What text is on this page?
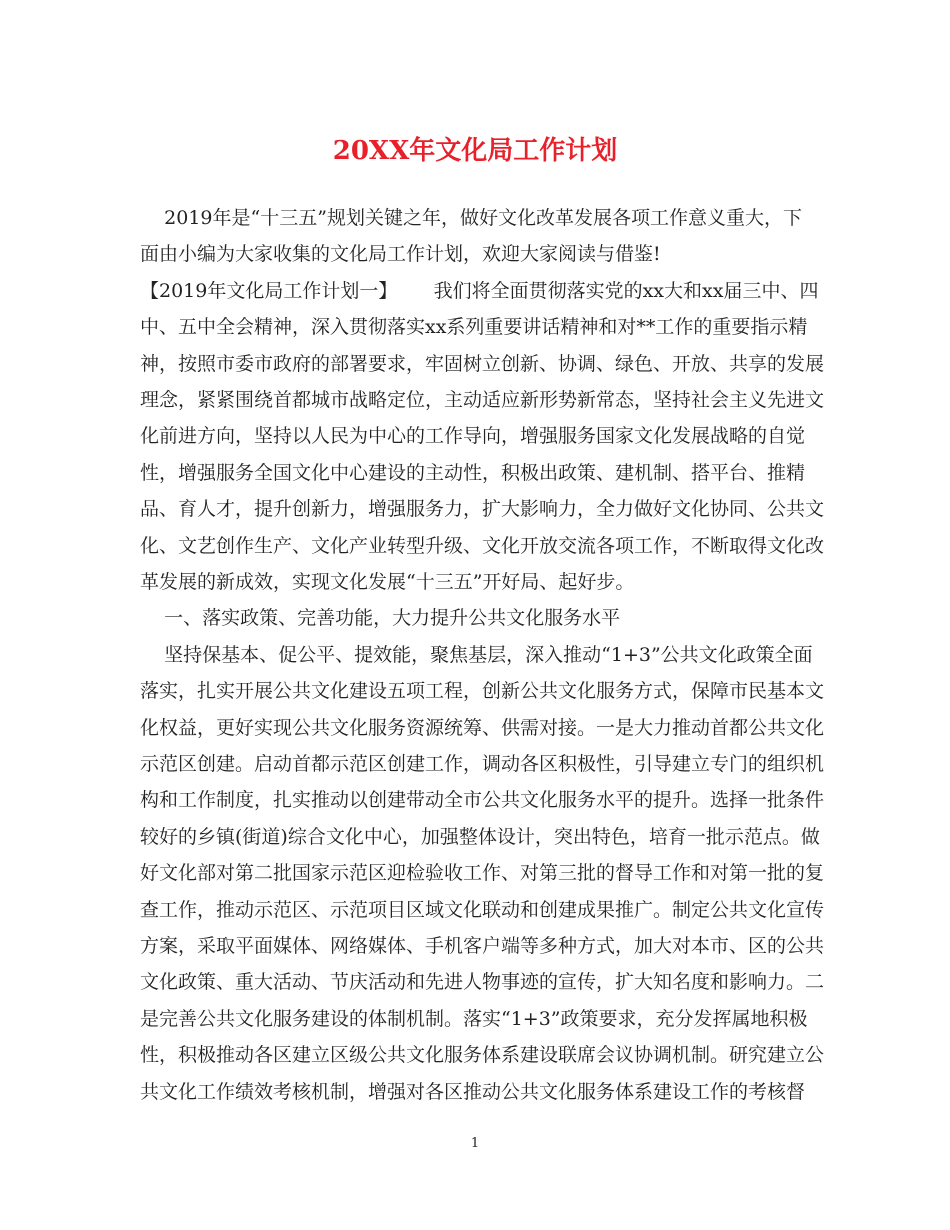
20XX年文化局工作计划

2019年是“十三五”规划关键之年，做好文化改革发展各项工作意义重大，下

面由小编为大家收集的文化局工作计划，欢迎大家阅读与借鉴!

【2019年文化局工作计划一】      我们将全面贯彻落实党的xx大和xx届三中、四

中、五中全会精神，深入贯彻落实xx系列重要讲话精神和对**工作的重要指示精

神，按照市委市政府的部署要求，牢固树立创新、协调、绿色、开放、共享的发展

理念，紧紧围绕首都城市战略定位，主动适应新形势新常态，坚持社会主义先进文

化前进方向，坚持以人民为中心的工作导向，增强服务国家文化发展战略的自觉

性，增强服务全国文化中心建设的主动性，积极出政策、建机制、搭平台、推精

品、育人才，提升创新力，增强服务力，扩大影响力，全力做好文化协同、公共文

化、文艺创作生产、文化产业转型升级、文化开放交流各项工作，不断取得文化改

革发展的新成效，实现文化发展“十三五”开好局、起好步。

一、落实政策、完善功能，大力提升公共文化服务水平

坚持保基本、促公平、提效能，聚焦基层，深入推动“1+3”公共文化政策全面

落实，扎实开展公共文化建设五项工程，创新公共文化服务方式，保障市民基本文

化权益，更好实现公共文化服务资源统筹、供需对接。一是大力推动首都公共文化

示范区创建。启动首都示范区创建工作，调动各区积极性，引导建立专门的组织机

构和工作制度，扎实推动以创建带动全市公共文化服务水平的提升。选择一批条件

较好的乡镇(街道)综合文化中心，加强整体设计，突出特色，培育一批示范点。做

好文化部对第二批国家示范区迎检验收工作、对第三批的督导工作和对第一批的复

查工作，推动示范区、示范项目区域文化联动和创建成果推广。制定公共文化宣传

方案，采取平面媒体、网络媒体、手机客户端等多种方式，加大对本市、区的公共

文化政策、重大活动、节庆活动和先进人物事迹的宣传，扩大知名度和影响力。二

是完善公共文化服务建设的体制机制。落实“1+3”政策要求，充分发挥属地积极

性，积极推动各区建立区级公共文化服务体系建设联席会议协调机制。研究建立公

共文化工作绩效考核机制，增强对各区推动公共文化服务体系建设工作的考核督

1
